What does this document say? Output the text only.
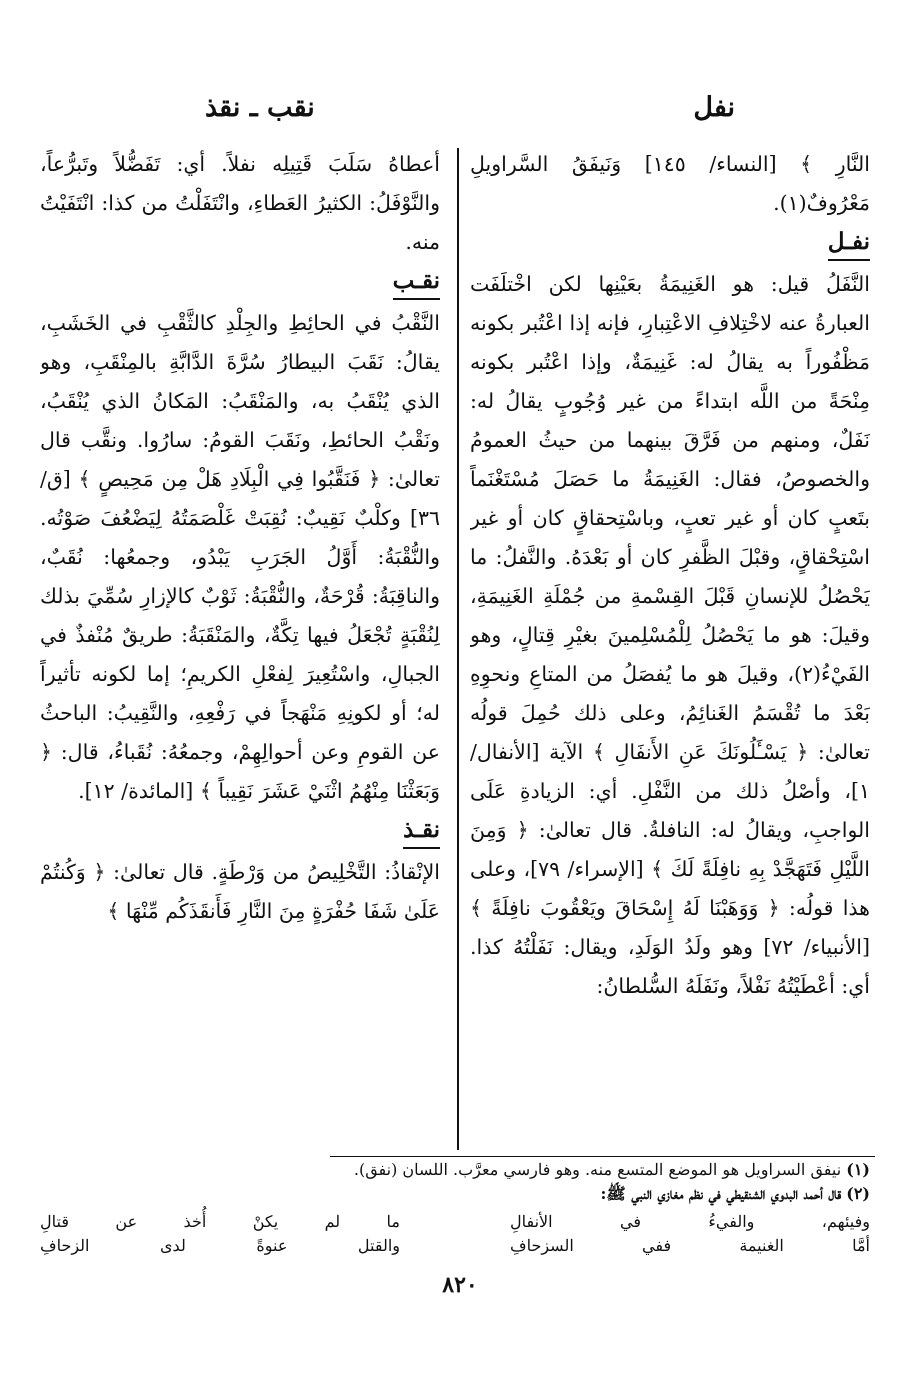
نفل
نقب ـ نقذ

النَّارِ ﴾ [النساء/ ١٤٥] وَنَيفَقُ السَّراويلِ مَعْرُوفٌ(١).

نفـل

النَّفَلُ قيل: هو الغَنِيمَةُ بعَيْنِها لكن اخْتلَفَت العبارةُ عنه لاخْتِلافِ الاعْتِبارِ، فإنه إذا اعْتُبر بكونه مَظْفُوراً به يقالُ له: غَنِيمَةٌ، وإذا اعْتُبر بكونه مِنْحَةً من اللَّه ابتداءً من غير وُجُوبٍ يقالُ له: نَفَلٌ، ومنهم من فَرَّقَ بينهما من حيثُ العمومُ والخصوصُ، فقال: الغَنِيمَةُ ما حَصَلَ مُسْتَغْنَماً بتَعبٍ كان أو غير تعبٍ، وباسْتِحقاقٍ كان أو غير اسْتِحْقاقٍ، وقبْلَ الظَّفرِ كان أو بَعْدَهُ. والنَّفلُ: ما يَحْصُلُ للإنسانِ قَبْلَ القِسْمةِ من جُمْلَةِ الغَنِيمَةِ، وقيلَ: هو ما يَحْصُلُ لِلْمُسْلِمينَ بغيْرِ قِتالٍ، وهو الفَيْءُ(٢)، وقيلَ هو ما يُفصَلُ من المتاعِ ونحوِهِ بَعْدَ ما تُقْسَمُ الغَنائِمُ، وعلى ذلك حُمِلَ قولُه تعالىٰ: ﴿ يَسْـَٔلُونَكَ عَنِ الأَنفَالِ ﴾ الآية [الأنفال/ ١]، وأصْلُ ذلك من النَّفْلِ. أي: الزيادةِ عَلَى الواجبِ، ويقالُ له: النافلةُ. قال تعالىٰ: ﴿ وَمِنَ اللَّيْلِ فَتَهَجَّدْ بِهِ نافِلَةً لَكَ ﴾ [الإسراء/ ٧٩]، وعلى هذا قولُه: ﴿ وَوَهَبْنَا لَهُ إِسْحَاقَ ويَعْقُوبَ نافِلَةً ﴾ [الأنبياء/ ٧٢] وهو ولَدُ الوَلَدِ، ويقال: نَفَلْتُهُ كذا. أي: أعْطَيْتُهُ نَفْلاً، ونَفَلَهُ السُّلطانُ:

أعطاهُ سَلَبَ قَتِيلِه نفلاً. أي: تَفَضُّلاً وتَبرُّعاً، والنَّوْفَلُ: الكثيرُ العَطاءِ، وانْتَفَلْتُ من كذا: انْتَفَيْتُ منه.

نقـب

النَّقْبُ في الحائِطِ والجِلْدِ كالثَّقْبِ في الخَشَبِ، يقالُ: نَقَبَ البيطارُ سُرَّةَ الدَّابَّةِ بالمِنْقَبِ، وهو الذي يُنْقَبُ به، والمَنْقَبُ: المَكانُ الذي يُنْقَبُ، ونَقْبُ الحائطِ، ونَقَبَ القومُ: سارُوا. ونقَّب قال تعالىٰ: ﴿ فَنَقَّبُوا فِي الْبِلَادِ هَلْ مِن مَحِيصٍ ﴾ [ق/ ٣٦] وكلْبٌ نَقِيبٌ: نُقِبَتْ غَلْصَمَتُهُ لِيَضْعُفَ صَوْتُه. والنُّقْبَةُ: أَوَّلُ الجَرَبِ يَبْدُو، وجمعُها: نُقَبٌ، والناقِبَةُ: قُرْحَةٌ، والنُّقْبَةُ: ثَوْبٌ كالإزارِ سُمِّيَ بذلك لِنُقْبَةٍ تُجْعَلُ فيها تِكَّةٌ، والمَنْقَبَةُ: طريقٌ مُنْفذٌ في الجبالِ، واسْتُعِيرَ لِفعْلِ الكريمِ؛ إما لكونه تأثيراً له؛ أو لكونِهِ مَنْهَجاً في رَفْعِهِ، والنَّقِيبُ: الباحثُ عن القومِ وعن أحوالِهِمْ، وجمعُهُ: نُقَباءُ، قال: ﴿ وَبَعَثْنَا مِنْهُمُ اثْنَيْ عَشَرَ نَقِيباً ﴾ [المائدة/ ١٢].

نقـذ

الإنْقاذُ: التَّخْلِيصُ من وَرْطَةٍ. قال تعالىٰ: ﴿ وَكُنتُمْ عَلَىٰ شَفَا حُفْرَةٍ مِنَ النَّارِ فَأَنقَذَكُم مِّنْهَا ﴾

(١) نيفق السراويل هو الموضع المتسع منه. وهو فارسي معرَّب. اللسان (نفق).

(٢) قال أحمد البدوي الشنقيطي في نظم مغازي النبي ﷺ:

وفيئهم، والفيءُ في الأنفالِ
ما لم يكنْ أُخذ عن قتالِ
أمَّا الغنيمة ففي السزحافِ
والقتل عنوةً لدى الزحافِ
٨٢٠
